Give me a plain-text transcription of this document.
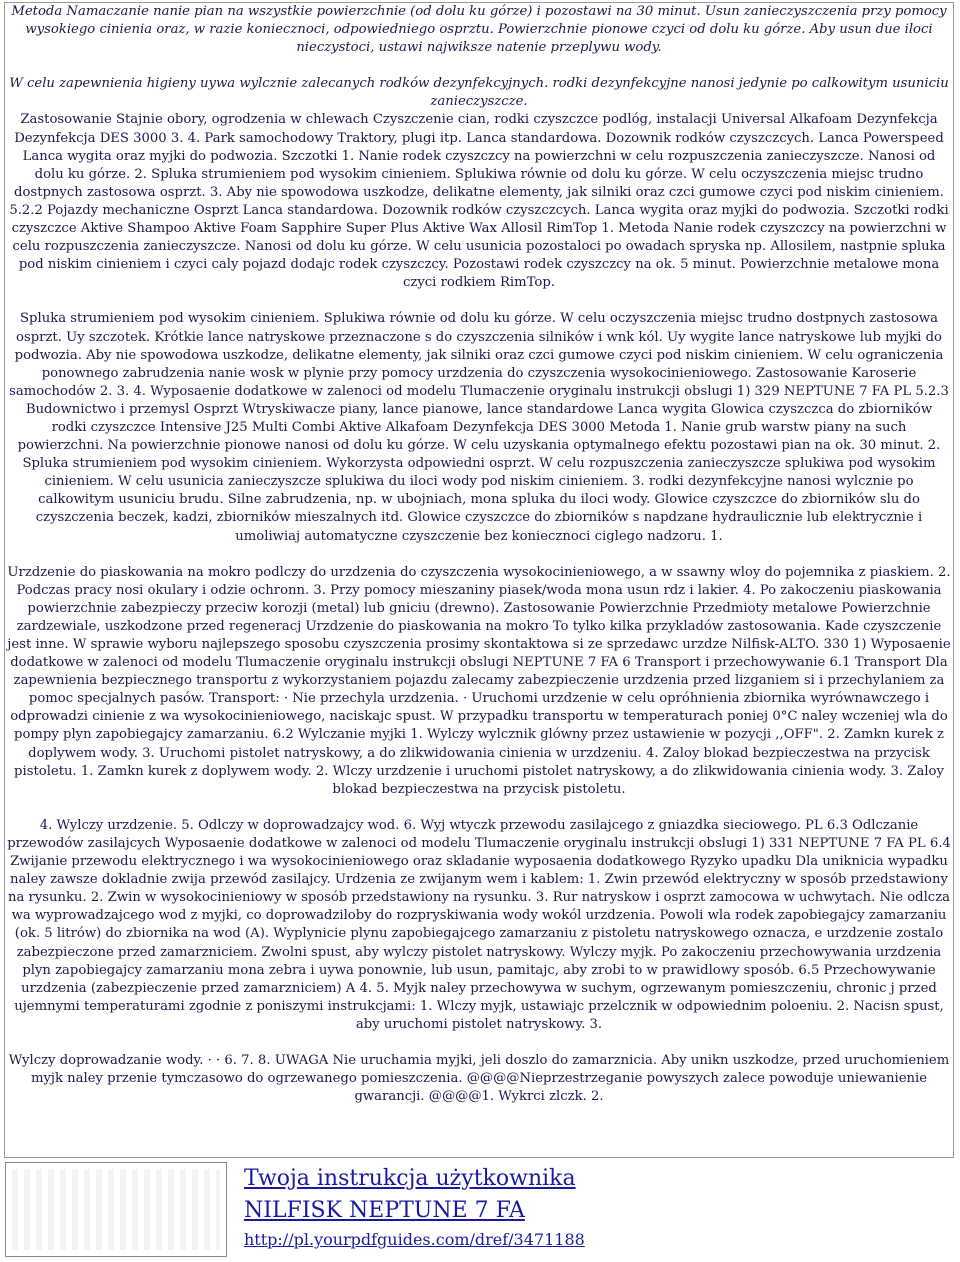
Metoda Namaczanie nanie pian na wszystkie powierzchnie (od dolu ku górze) i pozostawi na 30 minut. Usun zanieczyszczenia przy pomocy wysokiego cinienia oraz, w razie koniecznoci, odpowiedniego osprztu. Powierzchnie pionowe czyci od dolu ku górze. Aby usun due iloci nieczystoci, ustawi najwiksze natenie przeplywu wody.

W celu zapewnienia higieny uywa wylcznie zalecanych rodków dezynfekcyjnych. rodki dezynfekcyjne nanosi jedynie po calkowitym usuniciu zanieczyszcze.

Zastosowanie Stajnie obory, ogrodzenia w chlewach Czyszczenie cian, rodki czyszczce podlóg, instalacji Universal Alkafoam Dezynfekcja Dezynfekcja DES 3000 3. 4. Park samochodowy Traktory, plugi itp. Lanca standardowa. Dozownik rodków czyszczcych. Lanca Powerspeed Lanca wygita oraz myjki do podwozia. Szczotki 1. Nanie rodek czyszczcy na powierzchni w celu rozpuszczenia zanieczyszcze. Nanosi od dolu ku górze. 2. Spluka strumieniem pod wysokim cinieniem. Splukiwa równie od dolu ku górze. W celu oczyszczenia miejsc trudno dostpnych zastosowa osprzt. 3. Aby nie spowodowa uszkodze, delikatne elementy, jak silniki oraz czci gumowe czyci pod niskim cinieniem. 5.2.2 Pojazdy mechaniczne Osprzt Lanca standardowa. Dozownik rodków czyszczcych. Lanca wygita oraz myjki do podwozia. Szczotki rodki czyszczce Aktive Shampoo Aktive Foam Sapphire Super Plus Aktive Wax Allosil RimTop 1. Metoda Nanie rodek czyszczcy na powierzchni w celu rozpuszczenia zanieczyszcze. Nanosi od dolu ku górze. W celu usunicia pozostaloci po owadach spryska np. Allosilem, nastpnie spluka pod niskim cinieniem i czyci caly pojazd dodajc rodek czyszczcy. Pozostawi rodek czyszczcy na ok. 5 minut. Powierzchnie metalowe mona czyci rodkiem RimTop.

Spluka strumieniem pod wysokim cinieniem. Splukiwa równie od dolu ku górze. W celu oczyszczenia miejsc trudno dostpnych zastosowa osprzt. Uy szczotek. Krótkie lance natryskowe przeznaczone s do czyszczenia silników i wnk kól. Uy wygite lance natryskowe lub myjki do podwozia. Aby nie spowodowa uszkodze, delikatne elementy, jak silniki oraz czci gumowe czyci pod niskim cinieniem. W celu ograniczenia ponownego zabrudzenia nanie wosk w plynie przy pomocy urzdzenia do czyszczenia wysokocinieniowego. Zastosowanie Karoserie samochodów 2. 3. 4. Wyposaenie dodatkowe w zalenoci od modelu Tlumaczenie oryginalu instrukcji obslugi 1) 329 NEPTUNE 7 FA PL 5.2.3 Budownictwo i przemysl Osprzt Wtryskiwacze piany, lance pianowe, lance standardowe Lanca wygita Glowica czyszczca do zbiorników rodki czyszczce Intensive J25 Multi Combi Aktive Alkafoam Dezynfekcja DES 3000 Metoda 1. Nanie grub warstw piany na such powierzchni. Na powierzchnie pionowe nanosi od dolu ku górze. W celu uzyskania optymalnego efektu pozostawi pian na ok. 30 minut. 2. Spluka strumieniem pod wysokim cinieniem. Wykorzysta odpowiedni osprzt. W celu rozpuszczenia zanieczyszcze splukiwa pod wysokim cinieniem. W celu usunicia zanieczyszcze splukiwa du iloci wody pod niskim cinieniem. 3. rodki dezynfekcyjne nanosi wylcznie po calkowitym usuniciu brudu. Silne zabrudzenia, np. w ubojniach, mona spluka du iloci wody. Glowice czyszczce do zbiorników slu do czyszczenia beczek, kadzi, zbiorników mieszalnych itd. Glowice czyszczce do zbiorników s napdzane hydraulicznie lub elektrycznie i umoliwiaj automatyczne czyszczenie bez koniecznoci ciglego nadzoru. 1.

Urzdzenie do piaskowania na mokro podlczy do urzdzenia do czyszczenia wysokocinieniowego, a w ssawny wloy do pojemnika z piaskiem. 2. Podczas pracy nosi okulary i odzie ochronn. 3. Przy pomocy mieszaniny piasek/woda mona usun rdz i lakier. 4. Po zakoczeniu piaskowania powierzchnie zabezpieczy przeciw korozji (metal) lub gniciu (drewno). Zastosowanie Powierzchnie Przedmioty metalowe Powierzchnie zardzewiale, uszkodzone przed regeneracj Urzdzenie do piaskowania na mokro To tylko kilka przykladów zastosowania. Kade czyszczenie jest inne. W sprawie wyboru najlepszego sposobu czyszczenia prosimy skontaktowa si ze sprzedawc urzdze Nilfisk-ALTO. 330 1) Wyposaenie dodatkowe w zalenoci od modelu Tlumaczenie oryginalu instrukcji obslugi NEPTUNE 7 FA 6 Transport i przechowywanie 6.1 Transport Dla zapewnienia bezpiecznego transportu z wykorzystaniem pojazdu zalecamy zabezpieczenie urzdzenia przed lizganiem si i przechylaniem za pomoc specjalnych pasów. Transport: · Nie przechyla urzdzenia. · Uruchomi urzdzenie w celu opróhnienia zbiornika wyrównawczego i odprowadzi cinienie z wa wysokocinieniowego, naciskajc spust. W przypadku transportu w temperaturach poniej 0°C naley wczeniej wla do pompy plyn zapobiegajcy zamarzaniu. 6.2 Wylczanie myjki 1. Wylczy wylcznik glówny przez ustawienie w pozycji ,,OFF". 2. Zamkn kurek z doplywem wody. 3. Uruchomi pistolet natryskowy, a do zlikwidowania cinienia w urzdzeniu. 4. Zaloy blokad bezpieczestwa na przycisk pistoletu. 1. Zamkn kurek z doplywem wody. 2. Wlczy urzdzenie i uruchomi pistolet natryskowy, a do zlikwidowania cinienia wody. 3. Zaloy blokad bezpieczestwa na przycisk pistoletu.

4. Wylczy urzdzenie. 5. Odlczy w doprowadzajcy wod. 6. Wyj wtyczk przewodu zasilajcego z gniazdka sieciowego. PL 6.3 Odlczanie przewodów zasilajcych Wyposaenie dodatkowe w zalenoci od modelu Tlumaczenie oryginalu instrukcji obslugi 1) 331 NEPTUNE 7 FA PL 6.4 Zwijanie przewodu elektrycznego i wa wysokocinieniowego oraz skladanie wyposaenia dodatkowego Ryzyko upadku Dla uniknicia wypadku naley zawsze dokladnie zwija przewód zasilajcy. Urdzenia ze zwijanym wem i kablem: 1. Zwin przewód elektryczny w sposób przedstawiony na rysunku. 2. Zwin w wysokocinieniowy w sposób przedstawiony na rysunku. 3. Rur natryskow i osprzt zamocowa w uchwytach. Nie odlcza wa wyprowadzajcego wod z myjki, co doprowadziloby do rozpryskiwania wody wokól urzdzenia. Powoli wla rodek zapobiegajcy zamarzaniu (ok. 5 litrów) do zbiornika na wod (A). Wyplynicie plynu zapobiegajcego zamarzaniu z pistoletu natryskowego oznacza, e urzdzenie zostalo zabezpieczone przed zamarzniciem. Zwolni spust, aby wylczy pistolet natryskowy. Wylczy myjk. Po zakoczeniu przechowywania urzdzenia plyn zapobiegajcy zamarzaniu mona zebra i uywa ponownie, lub usun, pamitajc, aby zrobi to w prawidlowy sposób. 6.5 Przechowywanie urzdzenia (zabezpieczenie przed zamarzniciem) A 4. 5. Myjk naley przechowywa w suchym, ogrzewanym pomieszczeniu, chronic j przed ujemnymi temperaturami zgodnie z poniszymi instrukcjami: 1. Wlczy myjk, ustawiajc przelcznik w odpowiednim poloeniu. 2. Nacisn spust, aby uruchomi pistolet natryskowy. 3.

Wylczy doprowadzanie wody. · · 6. 7. 8. UWAGA Nie uruchamia myjki, jeli doszlo do zamarznicia. Aby unikn uszkodze, przed uruchomieniem myjk naley przenie tymczasowo do ogrzewanego pomieszczenia. @@@@Nieprzestrzeganie powyszych zalece powoduje uniewanienie gwarancji. @@@@1. Wykrci zlczk. 2.

Twoja instrukcja użytkownika
NILFISK NEPTUNE 7 FA
http://pl.yourpdfguides.com/dref/3471188
